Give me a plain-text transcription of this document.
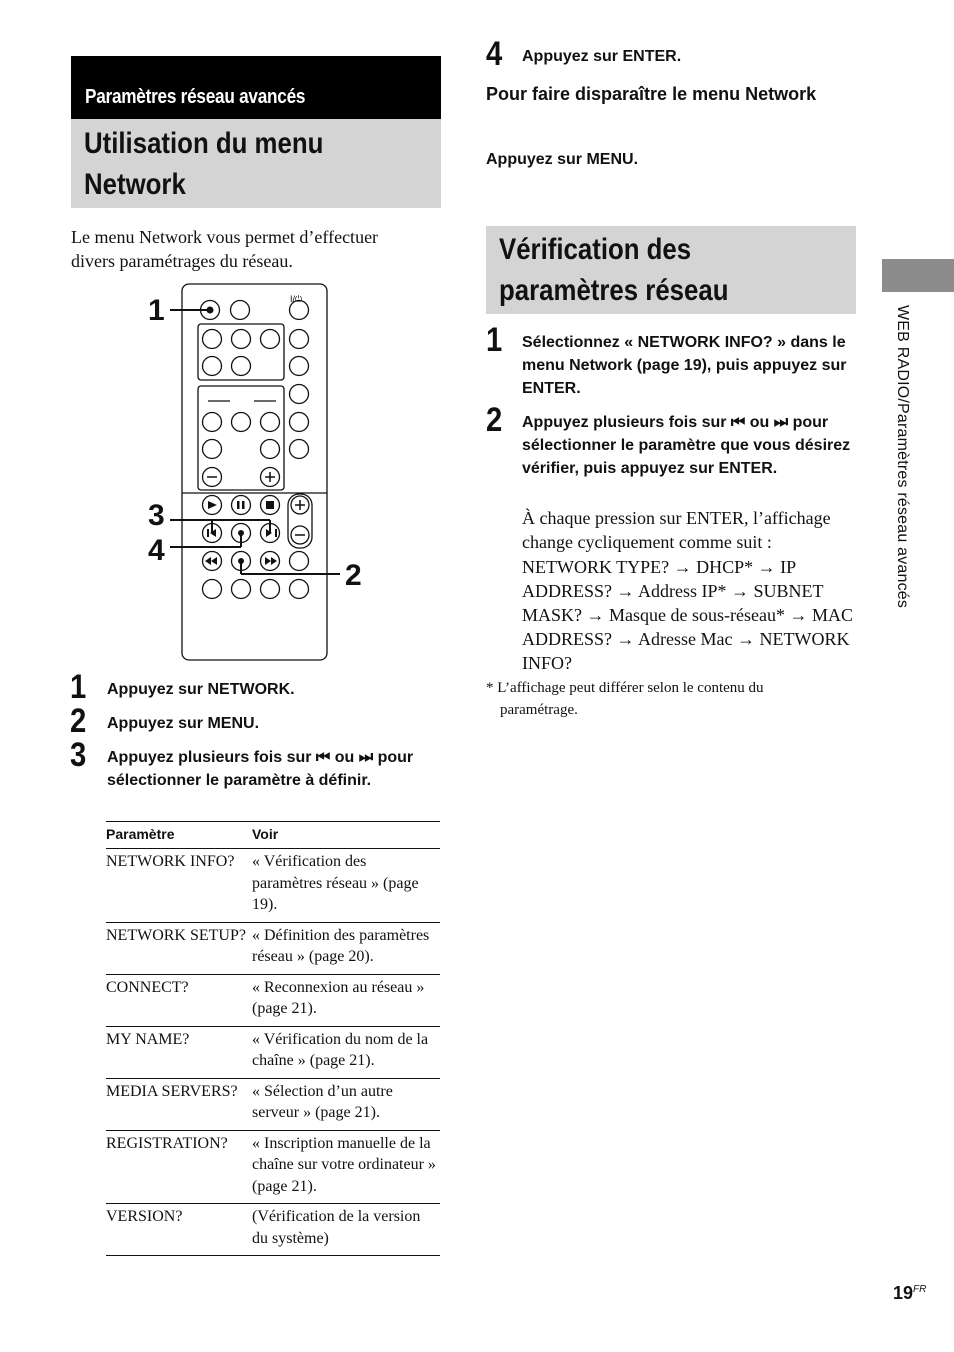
Paramètres réseau avancés
Utilisation du menu
Network
Le menu Network vous permet d’effectuer divers paramétrages du réseau.
I/⏻
1
3
4
2
1 Appuyez sur NETWORK.
2 Appuyez sur MENU.
3 Appuyez plusieurs fois sur ⏮ ou ⏭ pour sélectionner le paramètre à définir.
Paramètre	Voir
NETWORK INFO?	« Vérification des paramètres réseau » (page 19).
NETWORK SETUP?	« Définition des paramètres réseau » (page 20).
CONNECT?	« Reconnexion au réseau » (page 21).
MY NAME?	« Vérification du nom de la chaîne » (page 21).
MEDIA SERVERS?	« Sélection d’un autre serveur » (page 21).
REGISTRATION?	« Inscription manuelle de la chaîne sur votre ordinateur » (page 21).
VERSION?	(Vérification de la version du système)
4 Appuyez sur ENTER.
Pour faire disparaître le menu Network
Appuyez sur MENU.
Vérification des
paramètres réseau
1 Sélectionnez « NETWORK INFO? » dans le menu Network (page 19), puis appuyez sur ENTER.
2 Appuyez plusieurs fois sur ⏮ ou ⏭ pour sélectionner le paramètre que vous désirez vérifier, puis appuyez sur ENTER.
À chaque pression sur ENTER, l’affichage change cycliquement comme suit :
NETWORK TYPE? → DHCP* → IP ADDRESS? → Address IP* → SUBNET MASK? → Masque de sous-réseau* → MAC ADDRESS? → Adresse Mac → NETWORK INFO?
* L’affichage peut différer selon le contenu du paramétrage.
WEB RADIO/Paramètres réseau avancés
$19^{FR}$
